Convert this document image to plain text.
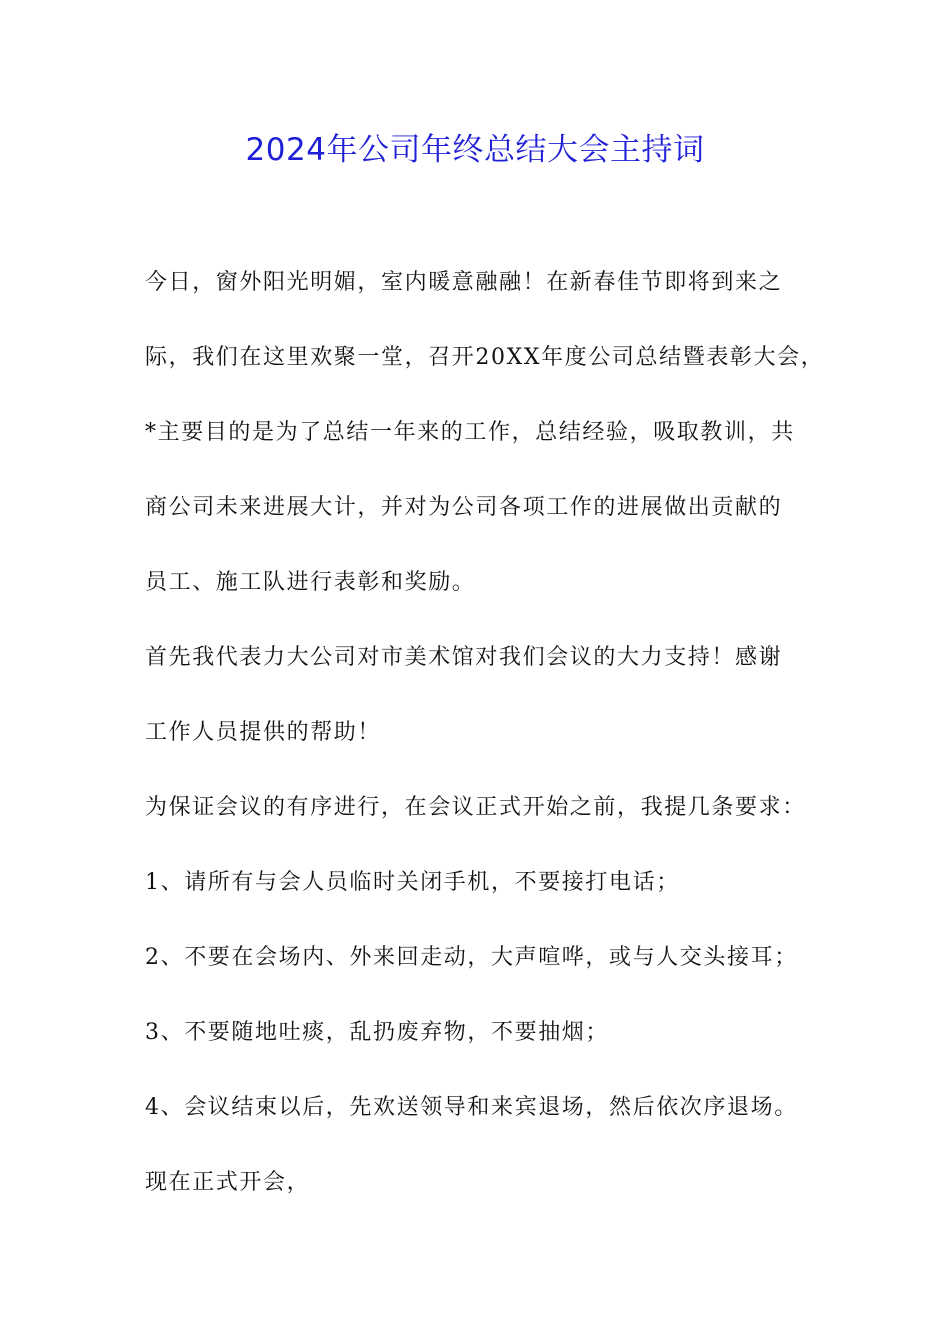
2024年公司年终总结大会主持词
今日，窗外阳光明媚，室内暖意融融！在新春佳节即将到来之
际，我们在这里欢聚一堂，召开20XX年度公司总结暨表彰大会，
*主要目的是为了总结一年来的工作，总结经验，吸取教训，共
商公司未来进展大计，并对为公司各项工作的进展做出贡献的
员工、施工队进行表彰和奖励。
首先我代表力大公司对市美术馆对我们会议的大力支持！感谢
工作人员提供的帮助！
为保证会议的有序进行，在会议正式开始之前，我提几条要求：
1、请所有与会人员临时关闭手机，不要接打电话；
2、不要在会场内、外来回走动，大声喧哗，或与人交头接耳；
3、不要随地吐痰，乱扔废弃物，不要抽烟；
4、会议结束以后，先欢送领导和来宾退场，然后依次序退场。
现在正式开会，
